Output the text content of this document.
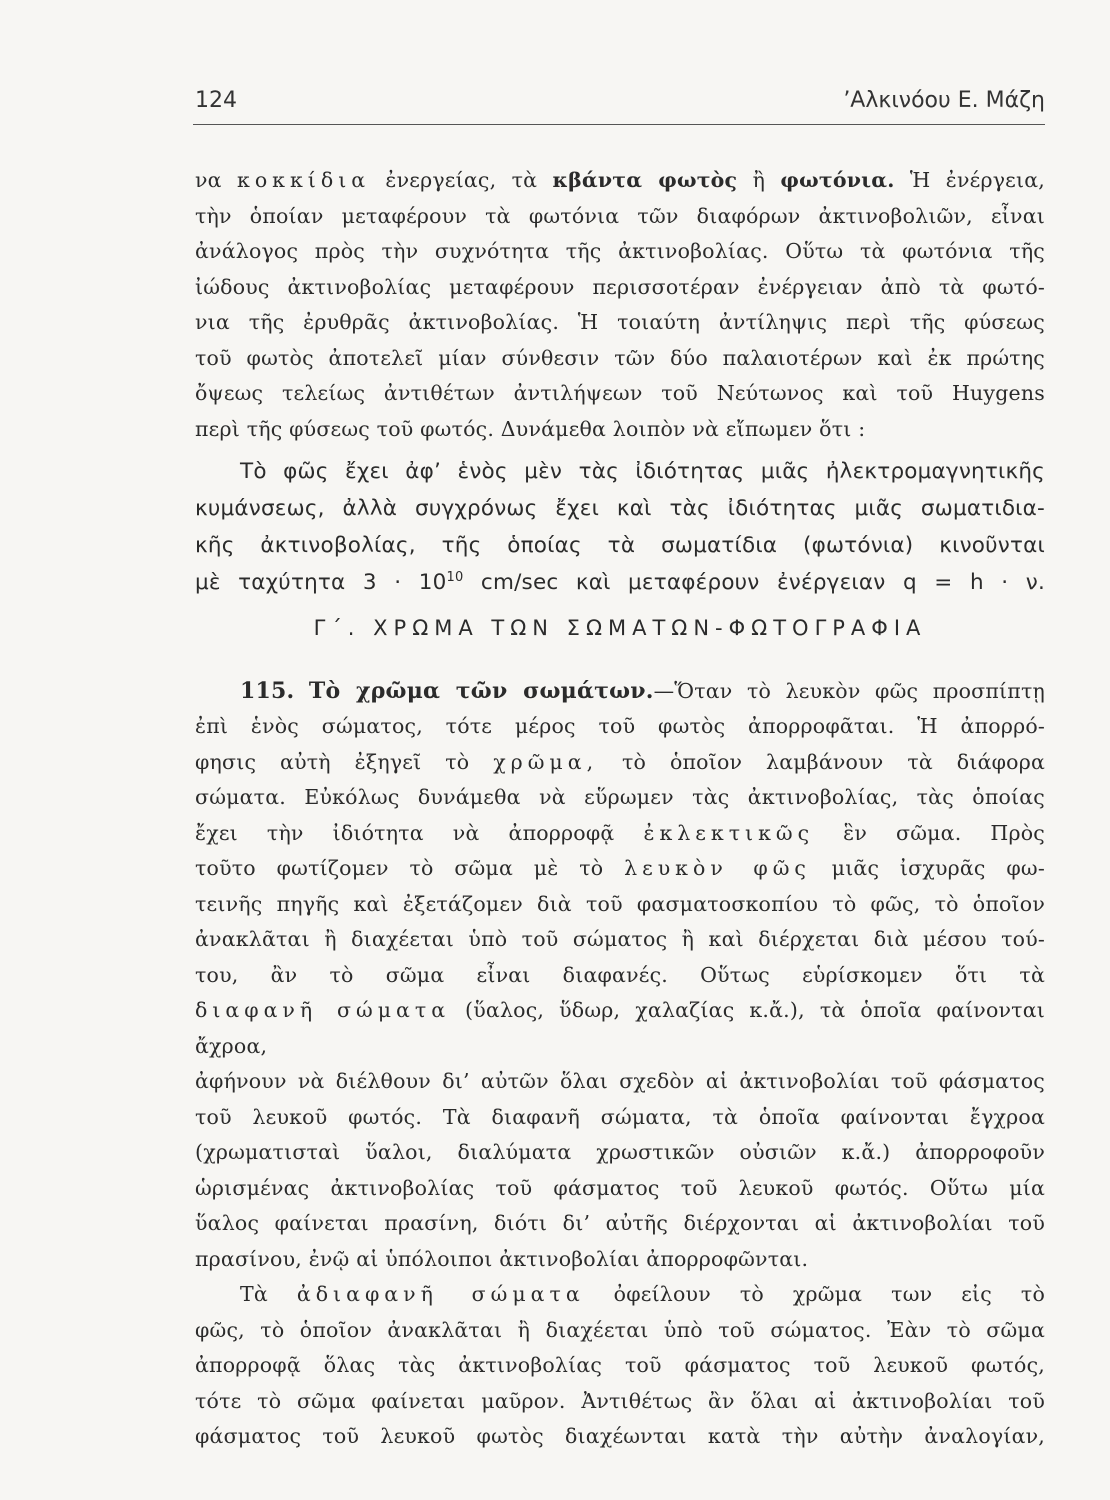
124	’Αλκινόου Ε. Μάζη

να κοκκίδια ἐνεργείας, τὰ κβάντα φωτὸς ἢ φωτόνια. Ἡ ἐνέργεια,

τὴν ὁποίαν μεταφέρουν τὰ φωτόνια τῶν διαφόρων ἀκτινοβολιῶν, εἶναι

ἀνάλογος πρὸς τὴν συχνότητα τῆς ἀκτινοβολίας. Οὕτω τὰ φωτόνια τῆς

ἰώδους ἀκτινοβολίας μεταφέρουν περισσοτέραν ἐνέργειαν ἀπὸ τὰ φωτό-

νια τῆς ἐρυθρᾶς ἀκτινοβολίας. Ἡ τοιαύτη ἀντίληψις περὶ τῆς φύσεως

τοῦ φωτὸς ἀποτελεῖ μίαν σύνθεσιν τῶν δύο παλαιοτέρων καὶ ἐκ πρώτης

ὄψεως τελείως ἀντιθέτων ἀντιλήψεων τοῦ Νεύτωνος καὶ τοῦ Huygens

περὶ τῆς φύσεως τοῦ φωτός. Δυνάμεθα λοιπὸν νὰ εἴπωμεν ὅτι :

Τὸ φῶς ἔχει ἀφ’ ἑνὸς μὲν τὰς ἰδιότητας μιᾶς ἠλεκτρομαγνητικῆς

κυμάνσεως, ἀλλὰ συγχρόνως ἔχει καὶ τὰς ἰδιότητας μιᾶς σωματιδια-

κῆς ἀκτινοβολίας, τῆς ὁποίας τὰ σωματίδια (φωτόνια) κινοῦνται

μὲ ταχύτητα $3 \cdot 10^{10}$ cm/sec καὶ μεταφέρουν ἐνέργειαν q = h · ν.

Γ΄. ΧΡΩΜΑ ΤΩΝ ΣΩΜΑΤΩΝ-ΦΩΤΟΓΡΑΦΙΑ

115. Τὸ χρῶμα τῶν σωμάτων.—Ὅταν τὸ λευκὸν φῶς προσπίπτῃ

ἐπὶ ἑνὸς σώματος, τότε μέρος τοῦ φωτὸς ἀπορροφᾶται. Ἡ ἀπορρό-

φησις αὐτὴ ἐξηγεῖ τὸ χρῶμα, τὸ ὁποῖον λαμβάνουν τὰ διάφορα

σώματα. Εὐκόλως δυνάμεθα νὰ εὕρωμεν τὰς ἀκτινοβολίας, τὰς ὁποίας

ἔχει τὴν ἰδιότητα νὰ ἀπορροφᾷ ἐκλεκτικῶς ἓν σῶμα. Πρὸς

τοῦτο φωτίζομεν τὸ σῶμα μὲ τὸ λευκὸν φῶς μιᾶς ἰσχυρᾶς φω-

τεινῆς πηγῆς καὶ ἐξετάζομεν διὰ τοῦ φασματοσκοπίου τὸ φῶς, τὸ ὁποῖον

ἀνακλᾶται ἢ διαχέεται ὑπὸ τοῦ σώματος ἢ καὶ διέρχεται διὰ μέσου τού-

του, ἂν τὸ σῶμα εἶναι διαφανές. Οὕτως εὑρίσκομεν ὅτι τὰ

διαφανῆ σώματα (ὕαλος, ὕδωρ, χαλαζίας κ.ἄ.), τὰ ὁποῖα φαίνονται ἄχροα,

ἀφήνουν νὰ διέλθουν δι’ αὐτῶν ὅλαι σχεδὸν αἱ ἀκτινοβολίαι τοῦ φάσματος

τοῦ λευκοῦ φωτός. Τὰ διαφανῆ σώματα, τὰ ὁποῖα φαίνονται ἔγχροα

(χρωματισταὶ ὕαλοι, διαλύματα χρωστικῶν οὐσιῶν κ.ἄ.) ἀπορροφοῦν

ὡρισμένας ἀκτινοβολίας τοῦ φάσματος τοῦ λευκοῦ φωτός. Οὕτω μία

ὕαλος φαίνεται πρασίνη, διότι δι’ αὐτῆς διέρχονται αἱ ἀκτινοβολίαι τοῦ

πρασίνου, ἐνῷ αἱ ὑπόλοιποι ἀκτινοβολίαι ἀπορροφῶνται.

Τὰ ἀδιαφανῆ σώματα ὀφείλουν τὸ χρῶμα των εἰς τὸ

φῶς, τὸ ὁποῖον ἀνακλᾶται ἢ διαχέεται ὑπὸ τοῦ σώματος. Ἐὰν τὸ σῶμα

ἀπορροφᾷ ὅλας τὰς ἀκτινοβολίας τοῦ φάσματος τοῦ λευκοῦ φωτός,

τότε τὸ σῶμα φαίνεται μαῦρον. Ἀντιθέτως ἂν ὅλαι αἱ ἀκτινοβολίαι τοῦ

φάσματος τοῦ λευκοῦ φωτὸς διαχέωνται κατὰ τὴν αὐτὴν ἀναλογίαν,
